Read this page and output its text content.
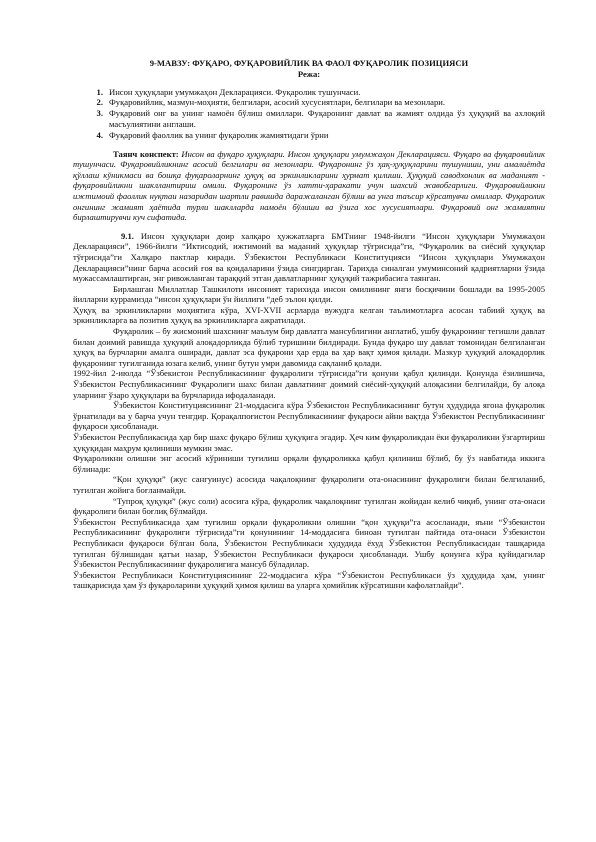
9-МАВЗУ: ФУҚАРО, ФУҚАРОВИЙЛИК ВА ФАОЛ ФУҚАРОЛИК ПОЗИЦИЯСИ
Режа:
1. Инсон ҳуқуқлари умумжаҳон Декларацияси. Фуқаролик тушунчаси.
2. Фуқаровийлик, мазмун-моҳияти, белгилари, асосий хусусиятлари, белгилари ва мезонлари.
3. Фуқаровий онг ва унинг намоён бўлиш омиллари. Фуқаронинг давлат ва жамият олдида ўз ҳуқуқий ва ахлоқий масъулиятини англаши.
4. Фуқаровий фаоллик ва унинг фуқаролик жамиятидаги ўрни
Таянч конспект: Инсон ва фуқаро ҳуқуқлари. Инсон ҳуқуқлари умумжаҳон Декларацияси. Фуқаро ва фуқаровийлик тушунчаси. Фуқаровийликнинг асосий белгилари ва мезонлари. Фуқаронинг ўз ҳақ-ҳуқуқларини тушуниши, уни амалиётда қўллаш кўникмаси ва бошқа фуқароларнинг ҳуқуқ ва эркинликларини ҳурмат қилиши. Ҳуқуқий саводхонлик ва маданият - фуқаровийликни шакллантириш омили. Фуқаронинг ўз хатти-ҳаракати учун шахсий жавобгарлиги. Фуқаровийликни ижтимоий фаоллик нуқтаи назаридан шартли равишда даражаланган бўлиш ва унга таъсир кўрсатувчи омиллар. Фуқаролик онгининг жамият ҳаётида турли шаклларда намоён бўлиши ва ўзига хос хусусиятлари. Фуқаровий онг жамиятни бирлаштирувчи куч сифатида.

9.1. Инсон ҳуқуқлари доир халқаро ҳужжатларга БМТнинг 1948-йилги “Инсон ҳуқуқлари Умумжаҳон Декларацияси”, 1966-йилги “Иктисодий, ижтимоий ва маданий ҳуқуқлар тўғрисида”ги, “Фуқаролик ва сиёсий ҳуқуқлар тўғрисида”ги Халқаро пактлар киради. Ўзбекистон Республикаси Конституцияси “Инсон ҳуқуқлари Умумжаҳон Декларацияси”нинг барча асосий ғоя ва қоидаларини ўзида сингдирган. Тарихда синалган умуминсоний қадриятларни ўзида мужассамлаштирган, энг ривожланган тараққий этган давлатларнинг ҳуқуқий тажрибасига таянган.

Бирлашган Миллатлар Ташкилоти инсоният тарихида инсон омилининг янги босқичини бошлади ва 1995-2005 йилларни куррамизда “инсон ҳуқуқлари ўн йиллиги “деб эълон қилди.

Ҳуқуқ ва эркинликларни моҳиятига кўра, XVI-XVII асрларда вужудга келган таълимотларга асосан табиий ҳуқуқ ва эркинликларга ва позитив ҳуқуқ ва эркинликларга ажратилади.

Фуқаролик – бу жисмоний шахснинг маълум бир давлатга мансублигини англатиб, ушбу фуқаронинг тегишли давлат билан доимий равишда ҳуқуқий алоқадорликда бўлиб туришини билдиради. Бунда фуқаро шу давлат томонидан белгиланган ҳуқуқ ва бурчларни амалга оширади, давлат эса фуқарони ҳар ерда ва ҳар вақт ҳимоя қилади. Мазкур ҳуқуқий алоқадорлик фуқаронинг туғилганида юзага келиб, унинг бутун умри давомида сақланиб қолади.

1992-йил 2-июлда “Ўзбекистон Республикасининг фуқаролиги тўғрисида”ги қонуни қабул қилинди. Қонунда ёзилишича, Ўзбекистон Республикасининг Фуқаролиги шахс билан давлатнинг доимий сиёсий-ҳуқуқий алоқасини белгилайди, бу алоқа уларнинг ўзаро ҳуқуқлари ва бурчларида ифодаланади.

Ўзбекистон Конституциясининг 21-моддасига кўра Ўзбекистон Республикасининг бутун ҳудудида ягона фуқаролик ўрнатилади ва у барча учун тенгдир. Қорақалпоғистон Республикасининг фуқароси айни вақтда Ўзбекистон Республикасининг фуқароси ҳисобланади.

Ўзбекистон Республикасида ҳар бир шахс фуқаро бўлиш ҳуқуқига эгадир. Ҳеч ким фуқароликдан ёки фуқароликни ўзгартириш ҳуқуқидан маҳрум қилиниши мумкин эмас.

Фуқароликни олишни энг асосий кўриниши туғилиш орқали фуқароликка қабул қилиниш бўлиб, бу ўз навбатида иккига бўлинади:

“Қон ҳуқуқи” (жус сангуинус) асосида чақалоқнинг фуқаролиги ота-онасининг фуқаролиги билан белгиланиб, туғилган жойига боғланмайди.

“Тупроқ ҳуқуқи” (жус соли) асосига кўра, фуқаролик чақалоқнинг туғилган жойидан келиб чиқиб, унинг ота-онаси фуқаролиги билан боғлиқ бўлмайди.

Ўзбекистон Республикасида ҳам туғилиш орқали фуқароликни олишни “қон ҳуқуқи”га асосланади, яъни “Ўзбекистон Республикасининг фуқаролиги тўғрисида”ги қонунининг 14-моддасига биноан туғилган пайтида ота-онаси Ўзбекистон Республикаси фуқароси бўлган бола, Ўзбекистон Республикаси ҳудудида ёхуд Ўзбекистон Республикасидан ташқарида туғилган бўлишидан қатъи назар, Ўзбекистон Республикаси фуқароси ҳисобланади. Ушбу қонунга кўра қуйидагилар Ўзбекистон Республикасининг фуқаролигига мансуб бўладилар.

Ўзбекистон Республикаси Конституциясининг 22-моддасига кўра “Ўзбекистон Республикаси ўз ҳудудида ҳам, унинг ташқарисида ҳам ўз фуқароларини ҳуқуқий ҳимоя қилиш ва уларга ҳомийлик кўрсатишни кафолатлайди”.
